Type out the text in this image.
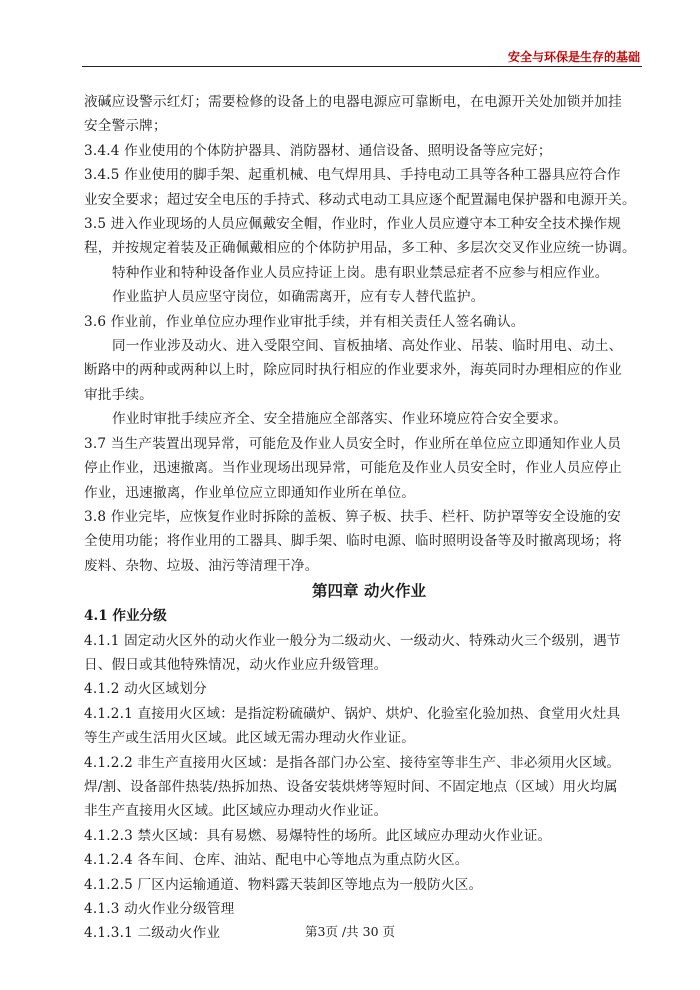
安全与环保是生存的基础

液碱应设警示红灯；需要检修的设备上的电器电源应可靠断电，在电源开关处加锁并加挂

安全警示牌；

3.4.4 作业使用的个体防护器具、消防器材、通信设备、照明设备等应完好；

3.4.5 作业使用的脚手架、起重机械、电气焊用具、手持电动工具等各种工器具应符合作

业安全要求；超过安全电压的手持式、移动式电动工具应逐个配置漏电保护器和电源开关。

3.5 进入作业现场的人员应佩戴安全帽，作业时，作业人员应遵守本工种安全技术操作规

程，并按规定着装及正确佩戴相应的个体防护用品，多工种、多层次交叉作业应统一协调。

特种作业和特种设备作业人员应持证上岗。患有职业禁忌症者不应参与相应作业。

作业监护人员应坚守岗位，如确需离开，应有专人替代监护。

3.6 作业前，作业单位应办理作业审批手续，并有相关责任人签名确认。

同一作业涉及动火、进入受限空间、盲板抽堵、高处作业、吊装、临时用电、动土、

断路中的两种或两种以上时，除应同时执行相应的作业要求外，海英同时办理相应的作业

审批手续。

作业时审批手续应齐全、安全措施应全部落实、作业环境应符合安全要求。

3.7 当生产装置出现异常，可能危及作业人员安全时，作业所在单位应立即通知作业人员

停止作业，迅速撤离。当作业现场出现异常，可能危及作业人员安全时，作业人员应停止

作业，迅速撤离，作业单位应立即通知作业所在单位。

3.8 作业完毕，应恢复作业时拆除的盖板、箅子板、扶手、栏杆、防护罩等安全设施的安

全使用功能；将作业用的工器具、脚手架、临时电源、临时照明设备等及时撤离现场；将

废料、杂物、垃圾、油污等清理干净。

第四章 动火作业

4.1 作业分级

4.1.1 固定动火区外的动火作业一般分为二级动火、一级动火、特殊动火三个级别，遇节

日、假日或其他特殊情况，动火作业应升级管理。

4.1.2 动火区域划分

4.1.2.1 直接用火区域：是指淀粉硫磺炉、锅炉、烘炉、化验室化验加热、食堂用火灶具

等生产或生活用火区域。此区域无需办理动火作业证。

4.1.2.2 非生产直接用火区域：是指各部门办公室、接待室等非生产、非必须用火区域。

焊/割、设备部件热装/热拆加热、设备安装烘烤等短时间、不固定地点（区域）用火均属

非生产直接用火区域。此区域应办理动火作业证。

4.1.2.3 禁火区域：具有易燃、易爆特性的场所。此区域应办理动火作业证。

4.1.2.4 各车间、仓库、油站、配电中心等地点为重点防火区。

4.1.2.5 厂区内运输通道、物料露天装卸区等地点为一般防火区。

4.1.3 动火作业分级管理

4.1.3.1 二级动火作业	第3页 /共 30 页
